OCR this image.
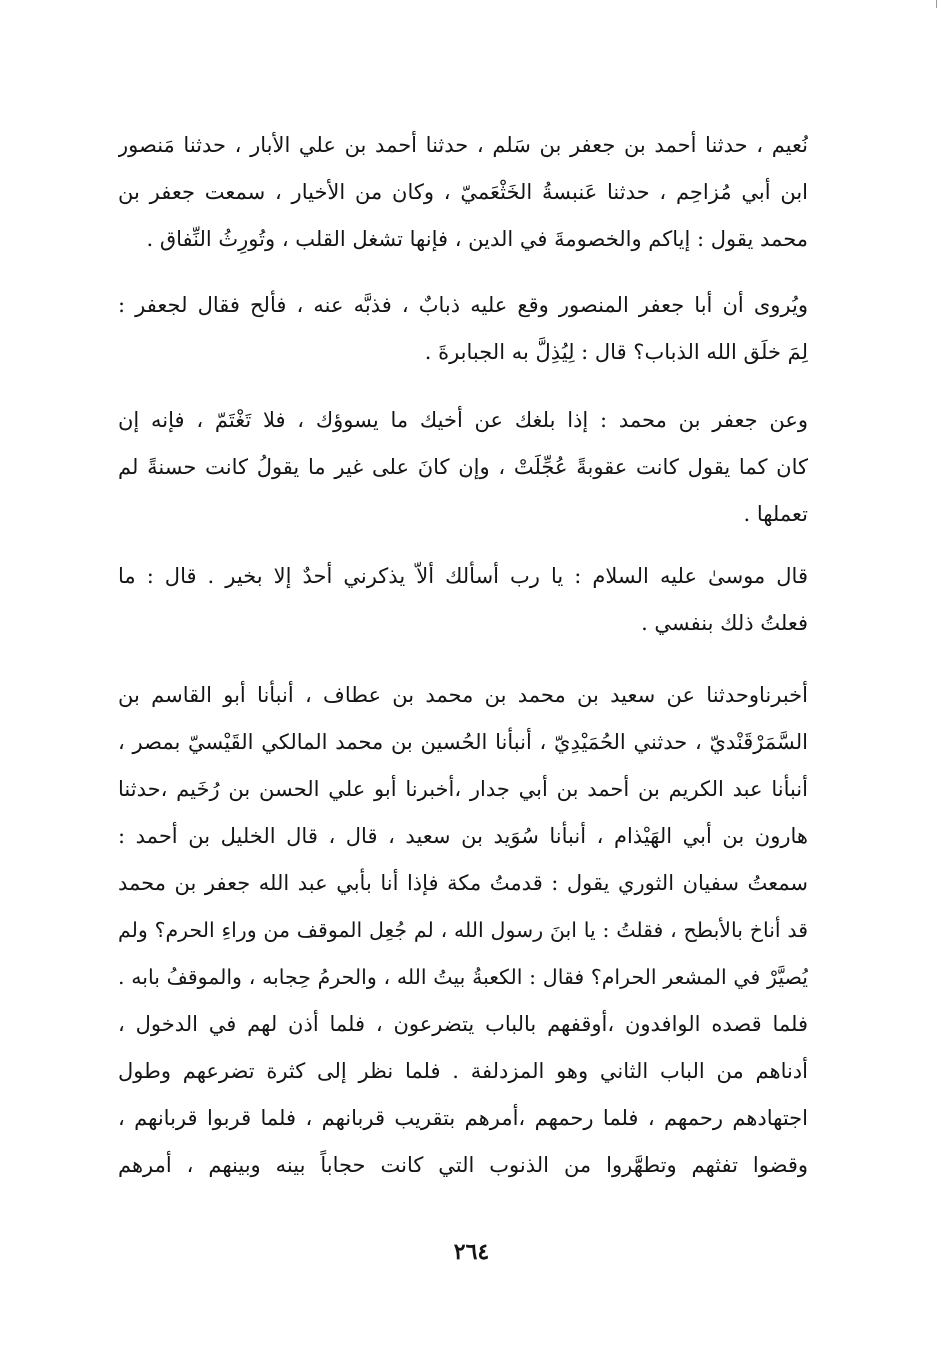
نُعيم ، حدثنا أحمد بن جعفر بن سَلم ، حدثنا أحمد بن علي الأبار ، حدثنا مَنصور
ابن أبي مُزاحِم ، حدثنا عَنبسةُ الخَثْعَميّ ، وكان من الأخيار ، سمعت جعفر بن
محمد يقول : إياكم والخصومةَ في الدين ، فإنها تشغل القلب ، وتُورِثُ النِّفاق .
ويُروى أن أبا جعفر المنصور وقع عليه ذبابٌ ، فذبَّه عنه ، فألح فقال لجعفر :
لِمَ خلَق الله الذباب؟ قال : لِيُذِلَّ به الجبابرةَ .
وعن جعفر بن محمد : إذا بلغك عن أخيك ما يسوؤك ، فلا تَغْتَمّ ، فإنه إن
كان كما يقول كانت عقوبةً عُجِّلَتْ ، وإن كانَ على غير ما يقولُ كانت حسنةً لم
تعملها .
قال موسىٰ عليه السلام : يا رب أسألك ألاّ يذكرني أحدٌ إلا بخير . قال : ما
فعلتُ ذلك بنفسي .
أخبرناوحدثنا عن سعيد بن محمد بن محمد بن عطاف ، أنبأنا أبو القاسم بن
السَّمَرْقَنْديّ ، حدثني الحُمَيْدِيّ ، أنبأنا الحُسين بن محمد المالكي القَيْسيّ بمصر ،
أنبأنا عبد الكريم بن أحمد بن أبي جدار ،أخبرنا أبو علي الحسن بن رُخَيم ،حدثنا
هارون بن أبي الهَيْذام ، أنبأنا سُوَيد بن سعيد ، قال ، قال الخليل بن أحمد :
سمعتُ سفيان الثوري يقول : قدمتُ مكة فإذا أنا بأبي عبد الله جعفر بن محمد
قد أناخ بالأبطح ، فقلتُ : يا ابنَ رسول الله ، لم جُعِل الموقف من وراءِ الحرم؟ ولم
يُصيَّرْ في المشعر الحرام؟ فقال : الكعبةُ بيتُ الله ، والحرمُ حِجابه ، والموقفُ بابه .
فلما قصده الوافدون ،أوقفهم بالباب يتضرعون ، فلما أذن لهم في الدخول ،
أدناهم من الباب الثاني وهو المزدلفة . فلما نظر إلى كثرة تضرعهم وطول
اجتهادهم رحمهم ، فلما رحمهم ،أمرهم بتقريب قربانهم ، فلما قربوا قربانهم ،
وقضوا تفثهم وتطهَّروا من الذنوب التي كانت حجاباً بينه وبينهم ، أمرهم
٢٦٤
